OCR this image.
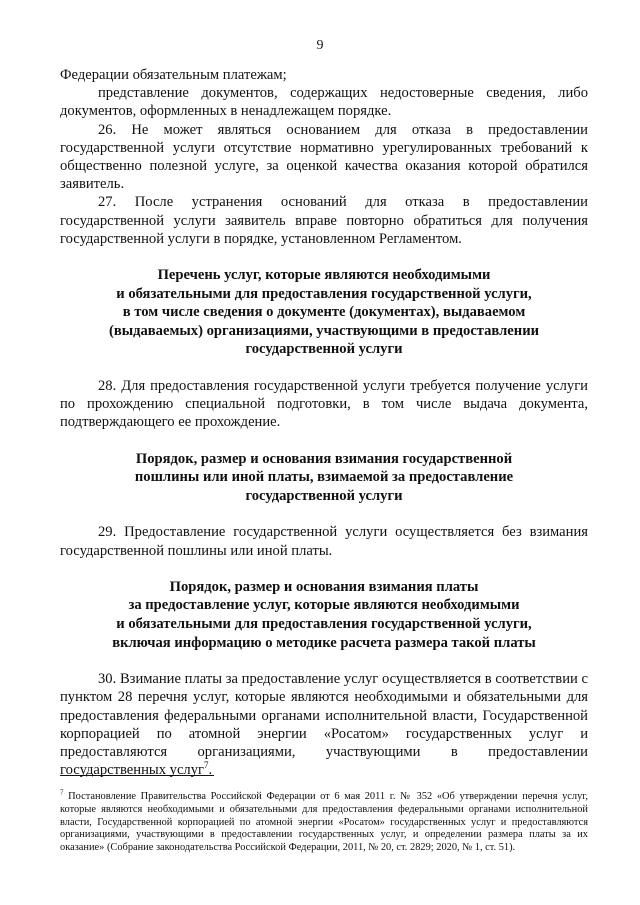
9

Федерации обязательным платежам;

представление документов, содержащих недостоверные сведения, либо документов, оформленных в ненадлежащем порядке.

26. Не может являться основанием для отказа в предоставлении государственной услуги отсутствие нормативно урегулированных требований к общественно полезной услуге, за оценкой качества оказания которой обратился заявитель.

27. После устранения оснований для отказа в предоставлении государственной услуги заявитель вправе повторно обратиться для получения государственной услуги в порядке, установленном Регламентом.

Перечень услуг, которые являются необходимыми
и обязательными для предоставления государственной услуги,
в том числе сведения о документе (документах), выдаваемом
(выдаваемых) организациями, участвующими в предоставлении
государственной услуги

28. Для предоставления государственной услуги требуется получение услуги по прохождению специальной подготовки, в том числе выдача документа, подтверждающего ее прохождение.

Порядок, размер и основания взимания государственной
пошлины или иной платы, взимаемой за предоставление
государственной услуги

29. Предоставление государственной услуги осуществляется без взимания государственной пошлины или иной платы.

Порядок, размер и основания взимания платы
за предоставление услуг, которые являются необходимыми
и обязательными для предоставления государственной услуги,
включая информацию о методике расчета размера такой платы

30. Взимание платы за предоставление услуг осуществляется в соответствии с пунктом 28 перечня услуг, которые являются необходимыми и обязательными для предоставления федеральными органами исполнительной власти, Государственной корпорацией по атомной энергии «Росатом» государственных услуг и предоставляются организациями, участвующими в предоставлении государственных услуг$^7$.

$^7$ Постановление Правительства Российской Федерации от 6 мая 2011 г. № 352 «Об утверждении перечня услуг, которые являются необходимыми и обязательными для предоставления федеральными органами исполнительной власти, Государственной корпорацией по атомной энергии «Росатом» государственных услуг и предоставляются организациями, участвующими в предоставлении государственных услуг, и определении размера платы за их оказание» (Собрание законодательства Российской Федерации, 2011, № 20, ст. 2829; 2020, № 1, ст. 51).
